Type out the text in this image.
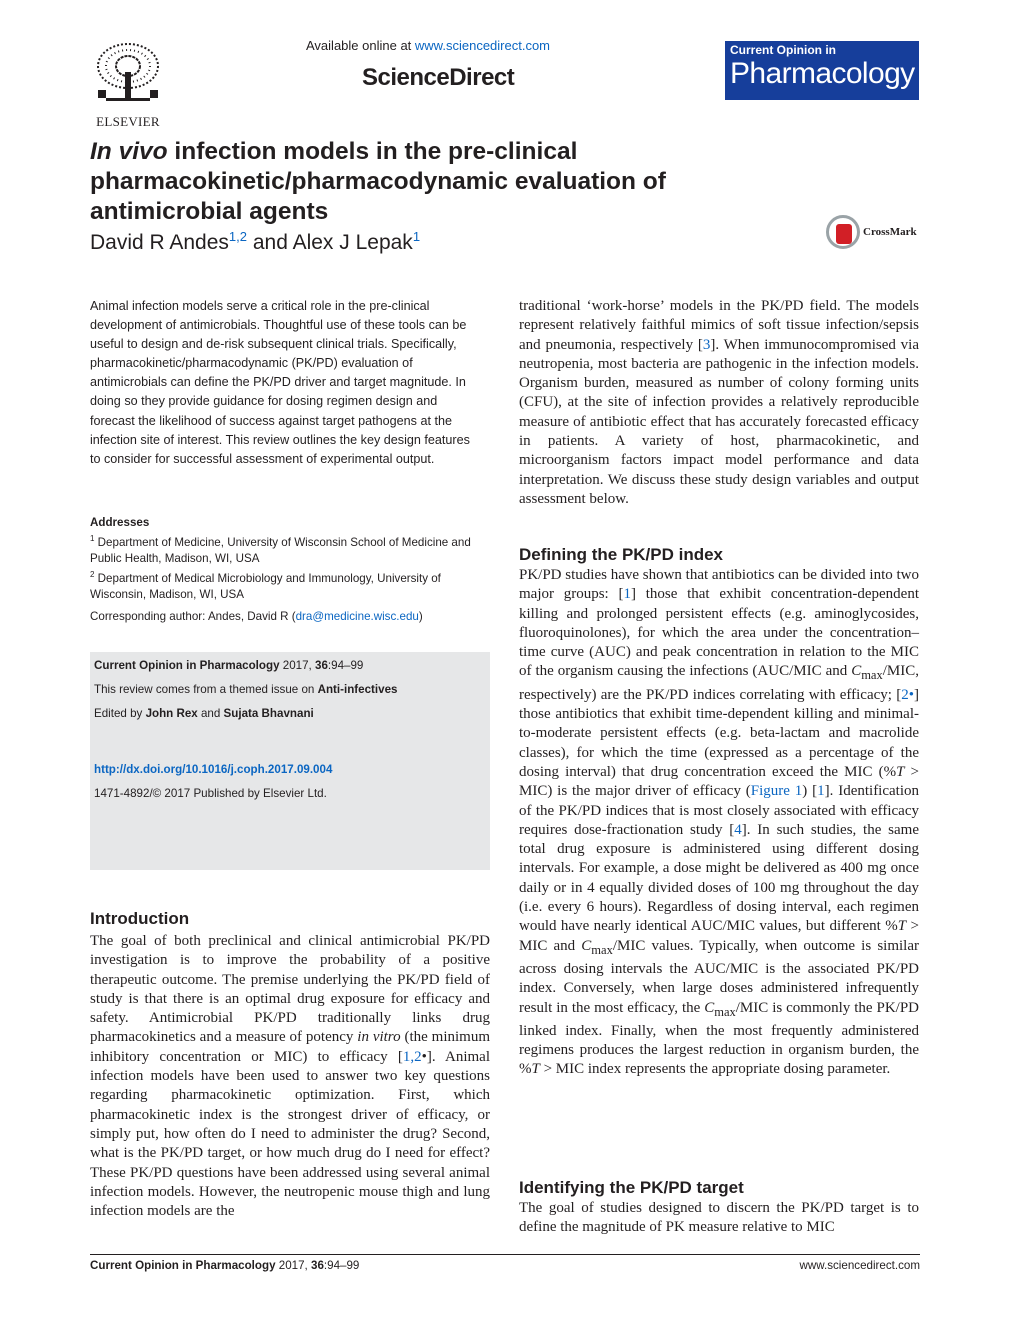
ELSEVIER
Available online at www.sciencedirect.com
ScienceDirect
Current Opinion in
Pharmacology
In vivo infection models in the pre-clinical pharmacokinetic/pharmacodynamic evaluation of antimicrobial agents
David R Andes$^{1,2}$ and Alex J Lepak$^1$	CrossMark
Animal infection models serve a critical role in the pre-clinical development of antimicrobials. Thoughtful use of these tools can be useful to design and de-risk subsequent clinical trials. Specifically, pharmacokinetic/pharmacodynamic (PK/PD) evaluation of antimicrobials can define the PK/PD driver and target magnitude. In doing so they provide guidance for dosing regimen design and forecast the likelihood of success against target pathogens at the infection site of interest. This review outlines the key design features to consider for successful assessment of experimental output.
Addresses
$^1$ Department of Medicine, University of Wisconsin School of Medicine and Public Health, Madison, WI, USA
$^2$ Department of Medical Microbiology and Immunology, University of Wisconsin, Madison, WI, USA
Corresponding author: Andes, David R (dra@medicine.wisc.edu)

Current Opinion in Pharmacology 2017, 36:94–99

This review comes from a themed issue on Anti-infectives

Edited by John Rex and Sujata Bhavnani

http://dx.doi.org/10.1016/j.coph.2017.09.004

1471-4892/© 2017 Published by Elsevier Ltd.

Introduction

The goal of both preclinical and clinical antimicrobial PK/PD investigation is to improve the probability of a positive therapeutic outcome. The premise underlying the PK/PD field of study is that there is an optimal drug exposure for efficacy and safety. Antimicrobial PK/PD traditionally links drug pharmacokinetics and a measure of potency in vitro (the minimum inhibitory concentration or MIC) to efficacy [1,2•]. Animal infection models have been used to answer two key questions regarding pharmacokinetic optimization. First, which pharmacokinetic index is the strongest driver of efficacy, or simply put, how often do I need to administer the drug? Second, what is the PK/PD target, or how much drug do I need for effect? These PK/PD questions have been addressed using several animal infection models. However, the neutropenic mouse thigh and lung infection models are the

traditional ‘work-horse’ models in the PK/PD field. The models represent relatively faithful mimics of soft tissue infection/sepsis and pneumonia, respectively [3]. When immunocompromised via neutropenia, most bacteria are pathogenic in the infection models. Organism burden, measured as number of colony forming units (CFU), at the site of infection provides a relatively reproducible measure of antibiotic effect that has accurately forecasted efficacy in patients. A variety of host, pharmacokinetic, and microorganism factors impact model performance and data interpretation. We discuss these study design variables and output assessment below.

Defining the PK/PD index

PK/PD studies have shown that antibiotics can be divided into two major groups: [1] those that exhibit concentration-dependent killing and prolonged persistent effects (e.g. aminoglycosides, fluoroquinolones), for which the area under the concentration–time curve (AUC) and peak concentration in relation to the MIC of the organism causing the infections (AUC/MIC and $C_{max}$/MIC, respectively) are the PK/PD indices correlating with efficacy; [2•] those antibiotics that exhibit time-dependent killing and minimal-to-moderate persistent effects (e.g. beta-lactam and macrolide classes), for which the time (expressed as a percentage of the dosing interval) that drug concentration exceed the MIC (%T > MIC) is the major driver of efficacy (Figure 1) [1]. Identification of the PK/PD indices that is most closely associated with efficacy requires dose-fractionation study [4]. In such studies, the same total drug exposure is administered using different dosing intervals. For example, a dose might be delivered as 400 mg once daily or in 4 equally divided doses of 100 mg throughout the day (i.e. every 6 hours). Regardless of dosing interval, each regimen would have nearly identical AUC/MIC values, but different %T > MIC and $C_{max}$/MIC values. Typically, when outcome is similar across dosing intervals the AUC/MIC is the associated PK/PD index. Conversely, when large doses administered infrequently result in the most efficacy, the $C_{max}$/MIC is commonly the PK/PD linked index. Finally, when the most frequently administered regimens produces the largest reduction in organism burden, the %T > MIC index represents the appropriate dosing parameter.

Identifying the PK/PD target
The goal of studies designed to discern the PK/PD target is to define the magnitude of PK measure relative to MIC
Current Opinion in Pharmacology 2017, 36:94–99	www.sciencedirect.com
